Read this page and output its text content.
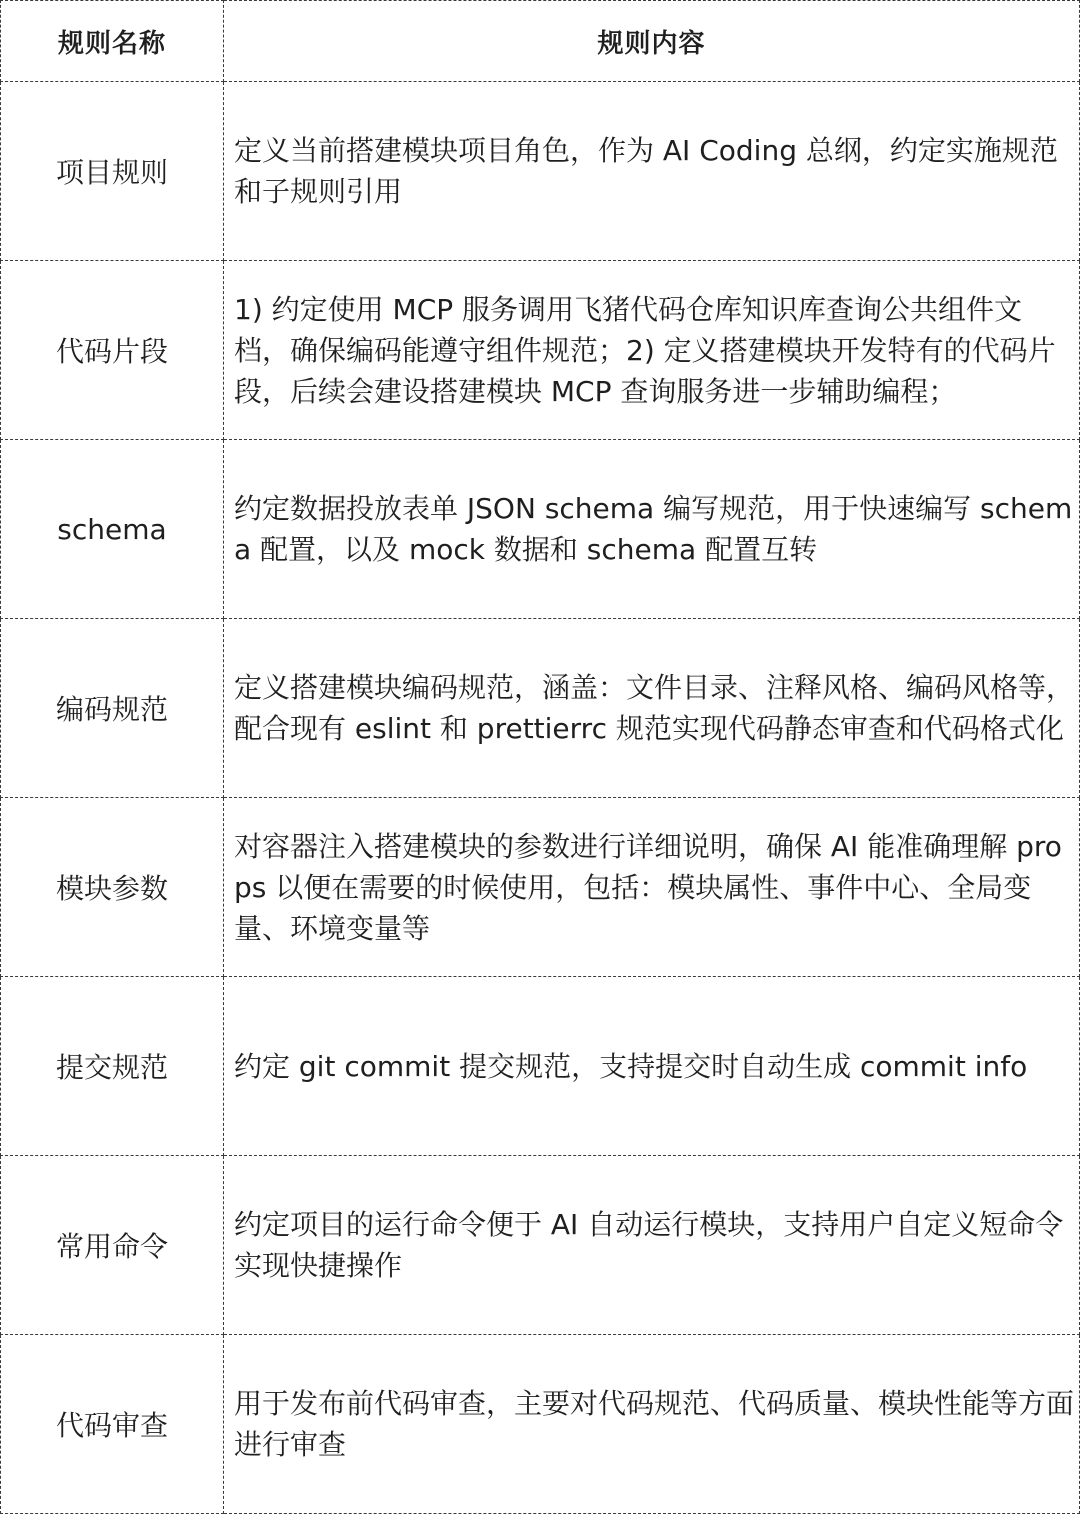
规则名称	规则内容
项目规则	定义当前搭建模块项目角色，作为 AI Coding 总纲，约定实施规范和子规则引用

代码片段	1) 约定使用 MCP 服务调用飞猪代码仓库知识库查询公共组件文档，确保编码能遵守组件规范；2) 定义搭建模块开发特有的代码片段，后续会建设搭建模块 MCP 查询服务进一步辅助编程；

schema	约定数据投放表单 JSON schema 编写规范，用于快速编写 schema 配置，以及 mock 数据和 schema 配置互转

编码规范	定义搭建模块编码规范，涵盖：文件目录、注释风格、编码风格等，配合现有 eslint 和 prettierrc 规范实现代码静态审查和代码格式化

模块参数	对容器注入搭建模块的参数进行详细说明，确保 AI 能准确理解 props 以便在需要的时候使用，包括：模块属性、事件中心、全局变量、环境变量等

提交规范	约定 git commit 提交规范，支持提交时自动生成 commit info

常用命令	约定项目的运行命令便于 AI 自动运行模块，支持用户自定义短命令实现快捷操作

代码审查	用于发布前代码审查，主要对代码规范、代码质量、模块性能等方面进行审查
